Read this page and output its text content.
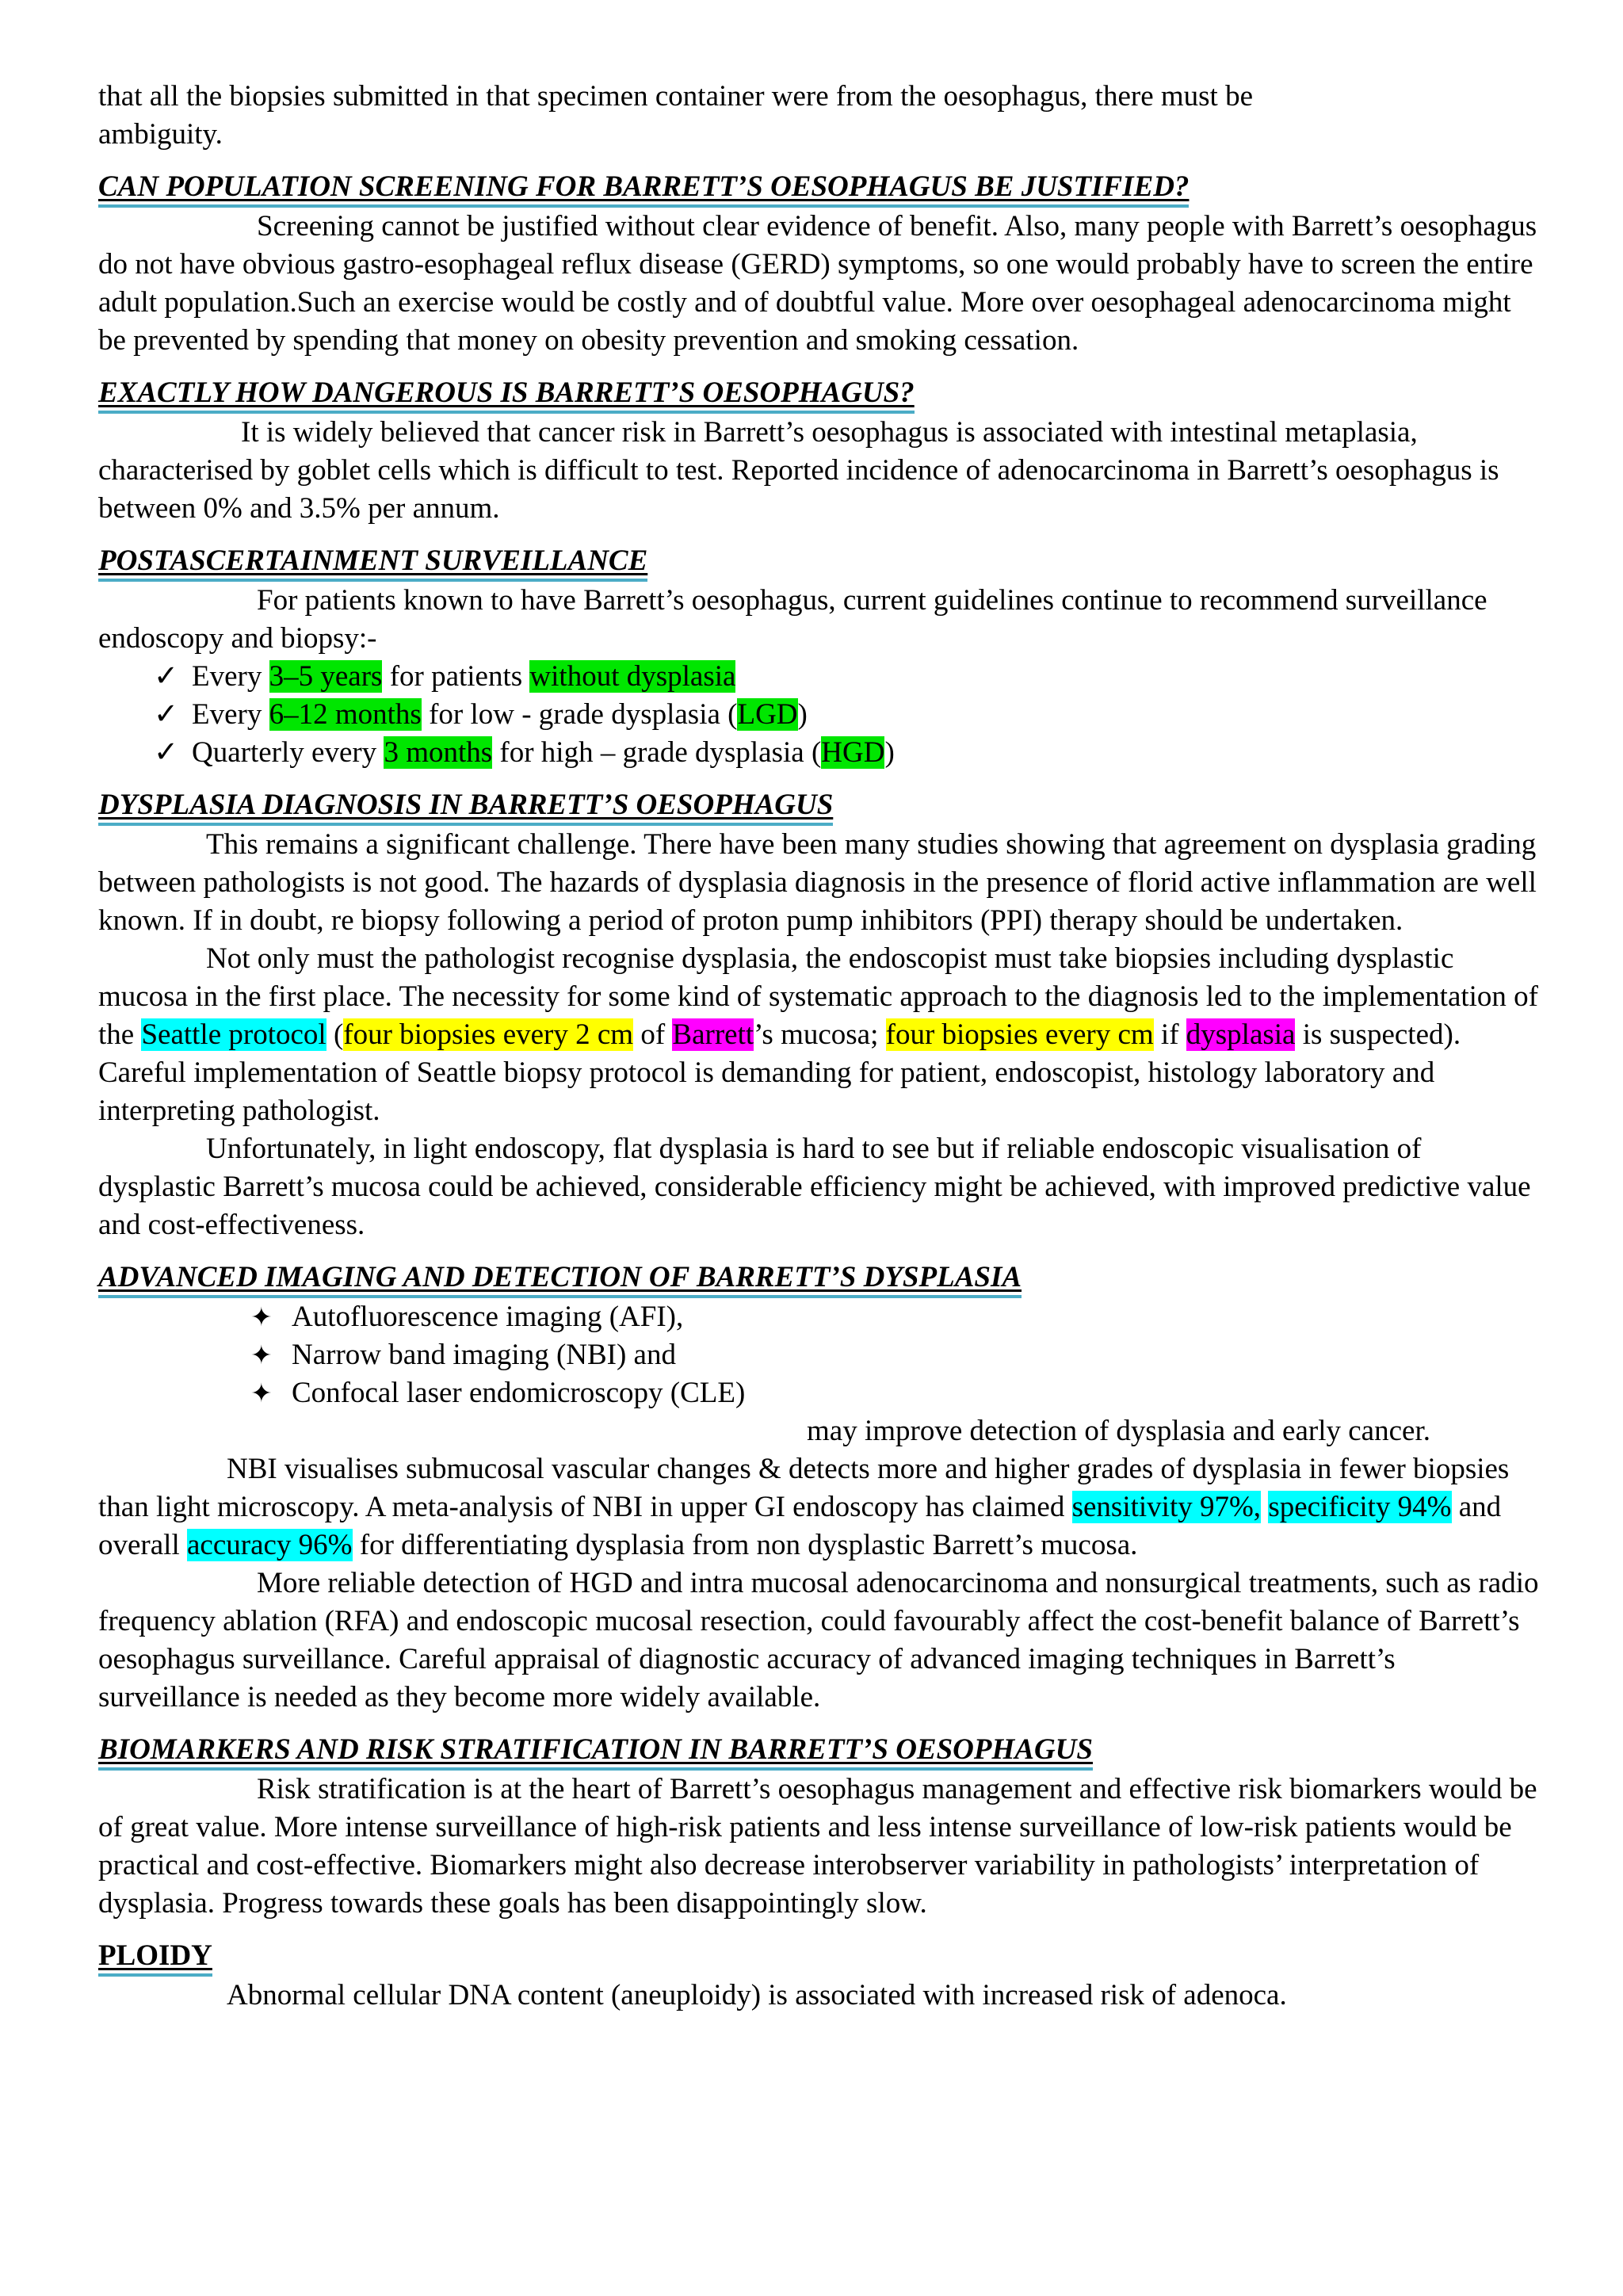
that all the biopsies submitted in that specimen container were from the oesophagus, there must be
ambiguity.

CAN POPULATION SCREENING FOR BARRETT’S OESOPHAGUS BE JUSTIFIED?

Screening cannot be justified without clear evidence of benefit. Also, many people with Barrett’s oesophagus do not have obvious gastro-esophageal reflux disease (GERD) symptoms, so one would probably have to screen the entire adult population.Such an exercise would be costly and of doubtful value. More over oesophageal adenocarcinoma might be prevented by spending that money on obesity prevention and smoking cessation.

EXACTLY HOW DANGEROUS IS BARRETT’S OESOPHAGUS?

It is widely believed that cancer risk in Barrett’s oesophagus is associated with intestinal metaplasia, characterised by goblet cells which is difficult to test. Reported incidence of adenocarcinoma in Barrett’s oesophagus is between 0% and 3.5% per annum.

POSTASCERTAINMENT SURVEILLANCE

For patients known to have Barrett’s oesophagus, current guidelines continue to recommend surveillance endoscopy and biopsy:-

✓ Every 3–5 years for patients without dysplasia
✓ Every 6–12 months for low - grade dysplasia (LGD)
✓ Quarterly every 3 months for high – grade dysplasia (HGD)
DYSPLASIA DIAGNOSIS IN BARRETT’S OESOPHAGUS

This remains a significant challenge. There have been many studies showing that agreement on dysplasia grading between pathologists is not good. The hazards of dysplasia diagnosis in the presence of florid active inflammation are well known. If in doubt, re biopsy following a period of proton pump inhibitors (PPI) therapy should be undertaken.

Not only must the pathologist recognise dysplasia, the endoscopist must take biopsies including dysplastic mucosa in the first place. The necessity for some kind of systematic approach to the diagnosis led to the implementation of the Seattle protocol (four biopsies every 2 cm of Barrett’s mucosa; four biopsies every cm if dysplasia is suspected). Careful implementation of Seattle biopsy protocol is demanding for patient, endoscopist, histology laboratory and interpreting pathologist.

Unfortunately, in light endoscopy, flat dysplasia is hard to see but if reliable endoscopic visualisation of dysplastic Barrett’s mucosa could be achieved, considerable efficiency might be achieved, with improved predictive value and cost-effectiveness.

ADVANCED IMAGING AND DETECTION OF BARRETT’S DYSPLASIA
✦ Autofluorescence imaging (AFI),
✦ Narrow band imaging (NBI) and
✦ Confocal laser endomicroscopy (CLE)

may improve detection of dysplasia and early cancer.

NBI visualises submucosal vascular changes & detects more and higher grades of dysplasia in fewer biopsies than light microscopy. A meta-analysis of NBI in upper GI endoscopy has claimed sensitivity 97%, specificity 94% and overall accuracy 96% for differentiating dysplasia from non dysplastic Barrett’s mucosa.

More reliable detection of HGD and intra mucosal adenocarcinoma and nonsurgical treatments, such as radio frequency ablation (RFA) and endoscopic mucosal resection, could favourably affect the cost-benefit balance of Barrett’s oesophagus surveillance. Careful appraisal of diagnostic accuracy of advanced imaging techniques in Barrett’s surveillance is needed as they become more widely available.

BIOMARKERS AND RISK STRATIFICATION IN BARRETT’S OESOPHAGUS

Risk stratification is at the heart of Barrett’s oesophagus management and effective risk biomarkers would be of great value. More intense surveillance of high-risk patients and less intense surveillance of low-risk patients would be practical and cost-effective. Biomarkers might also decrease interobserver variability in pathologists’ interpretation of dysplasia. Progress towards these goals has been disappointingly slow.

PLOIDY

Abnormal cellular DNA content (aneuploidy) is associated with increased risk of adenoca.
